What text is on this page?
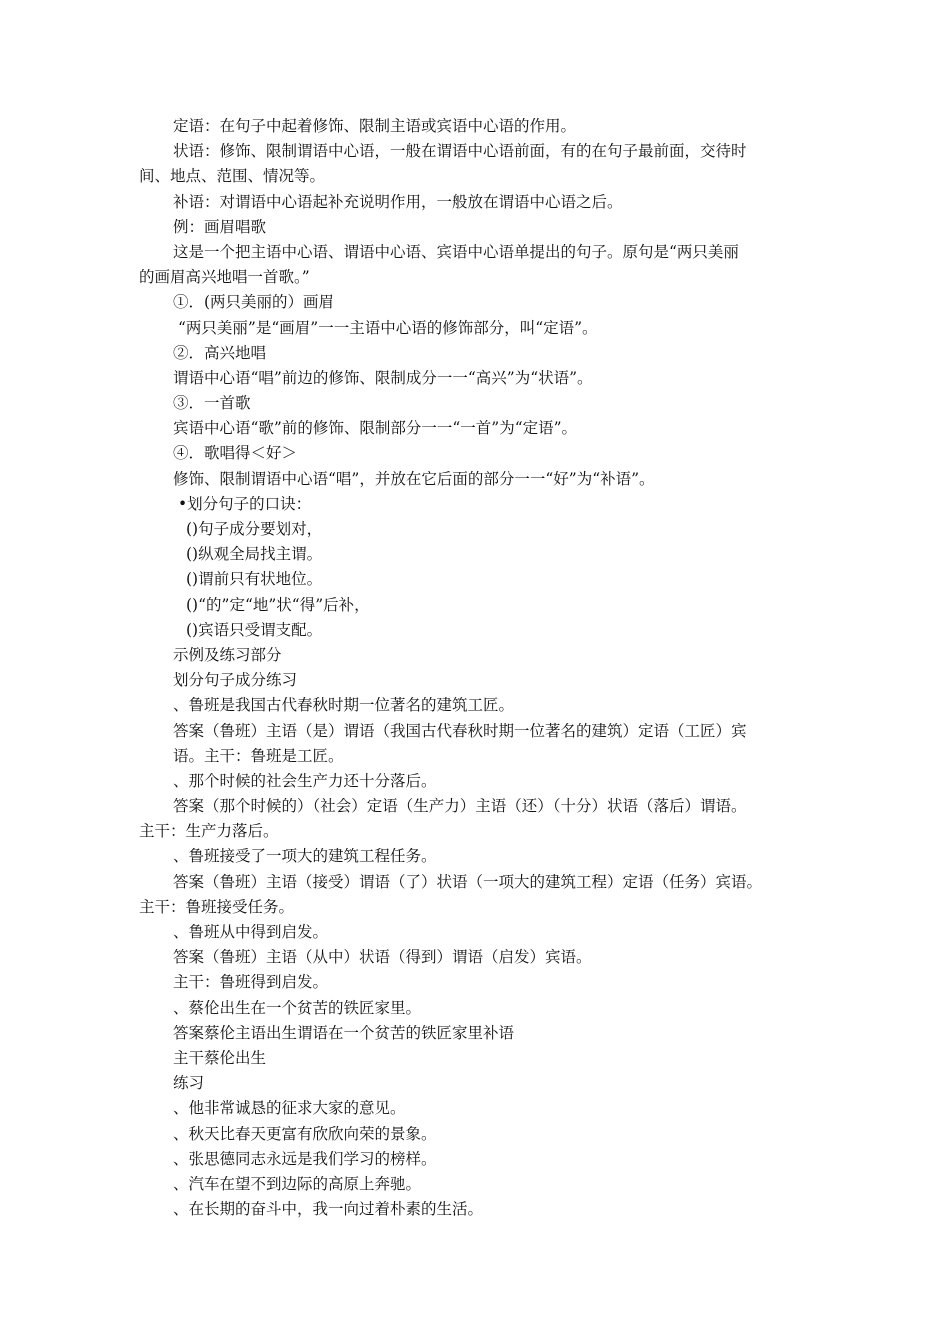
定语：在句子中起着修饰、限制主语或宾语中心语的作用。
状语：修饰、限制谓语中心语，一般在谓语中心语前面，有的在句子最前面，交待时
间、地点、范围、情况等。
补语：对谓语中心语起补充说明作用，一般放在谓语中心语之后。
例：画眉唱歌
这是一个把主语中心语、谓语中心语、宾语中心语单提出的句子。原句是“两只美丽
的画眉高兴地唱一首歌。”
①．(两只美丽的）画眉
“两只美丽”是“画眉”一一主语中心语的修饰部分，叫“定语”。
②．高兴地唱
谓语中心语“唱”前边的修饰、限制成分一一“高兴”为“状语”。
③．一首歌
宾语中心语“歌”前的修饰、限制部分一一“一首”为“定语”。
④．歌唱得＜好＞
修饰、限制谓语中心语“唱”，并放在它后面的部分一一“好”为“补语”。
•划分句子的口诀：
()句子成分要划对，
()纵观全局找主谓。
()谓前只有状地位。
()“的”定“地”状“得”后补，
()宾语只受谓支配。
示例及练习部分
划分句子成分练习
、鲁班是我国古代春秋时期一位著名的建筑工匠。
答案（鲁班）主语（是）谓语（我国古代春秋时期一位著名的建筑）定语（工匠）宾
语。主干：鲁班是工匠。
、那个时候的社会生产力还十分落后。
答案（那个时候的）（社会）定语（生产力）主语（还）（十分）状语（落后）谓语。
主干：生产力落后。
、鲁班接受了一项大的建筑工程任务。
答案（鲁班）主语（接受）谓语（了）状语（一项大的建筑工程）定语（任务）宾语。
主干：鲁班接受任务。
、鲁班从中得到启发。
答案（鲁班）主语（从中）状语（得到）谓语（启发）宾语。
主干：鲁班得到启发。
、蔡伦出生在一个贫苦的铁匠家里。
答案蔡伦主语出生谓语在一个贫苦的铁匠家里补语
主干蔡伦出生
练习
、他非常诚恳的征求大家的意见。
、秋天比春天更富有欣欣向荣的景象。
、张思德同志永远是我们学习的榜样。
、汽车在望不到边际的高原上奔驰。
、在长期的奋斗中，我一向过着朴素的生活。
